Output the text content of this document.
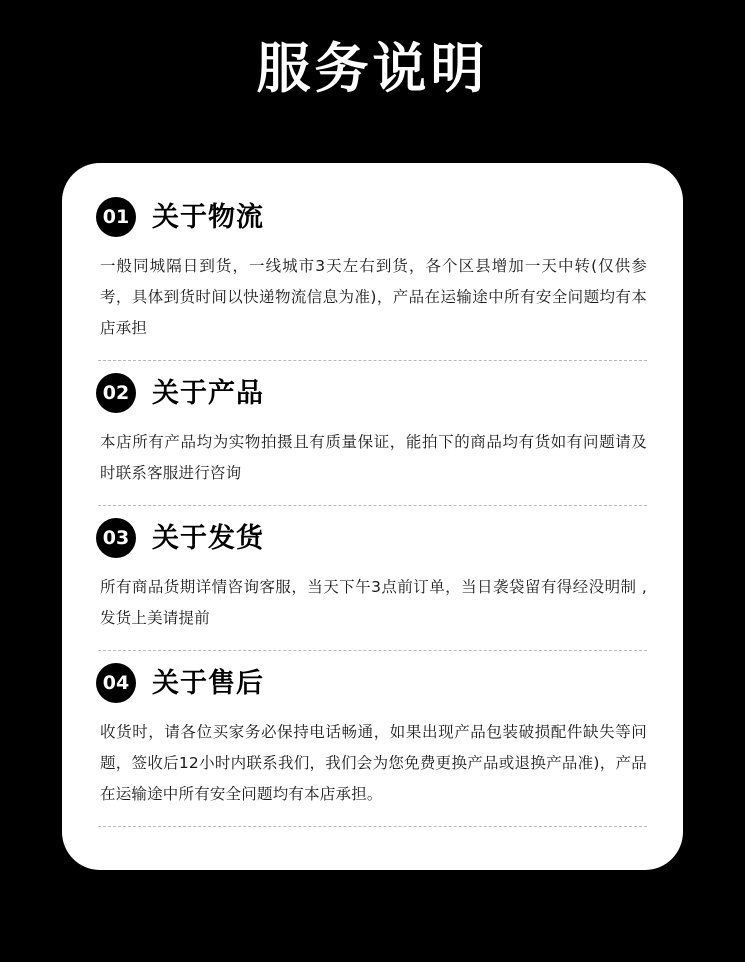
服务说明
01 关于物流
一般同城隔日到货，一线城市3天左右到货，各个区县增加一天中转(仅供参考，具体到货时间以快递物流信息为准)，产品在运输途中所有安全问题均有本店承担
02 关于产品
本店所有产品均为实物拍摄且有质量保证，能拍下的商品均有货如有问题请及时联系客服进行咨询
03 关于发货
所有商品货期详情咨询客服，当天下午3点前订单，当日袭袋留有得经没明制 ,发货上美请提前
04 关于售后
收货时，请各位买家务必保持电话畅通，如果出现产品包装破损配件缺失等问题，签收后12小时内联系我们，我们会为您免费更换产品或退换产品准)，产品在运输途中所有安全问题均有本店承担。
